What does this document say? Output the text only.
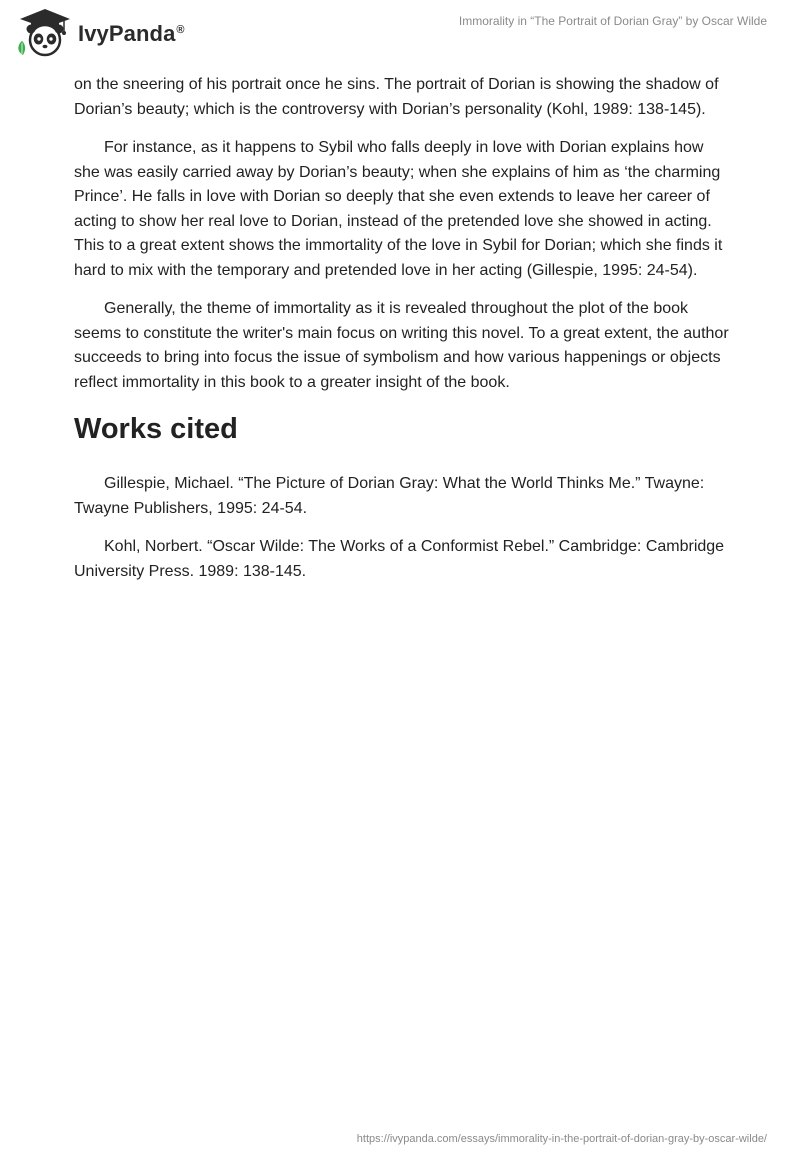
IvyPanda®
Immorality in “The Portrait of Dorian Gray” by Oscar Wilde

on the sneering of his portrait once he sins. The portrait of Dorian is showing the shadow of Dorian’s beauty; which is the controversy with Dorian’s personality (Kohl, 1989: 138-145).

For instance, as it happens to Sybil who falls deeply in love with Dorian explains how she was easily carried away by Dorian’s beauty; when she explains of him as ‘the charming Prince’. He falls in love with Dorian so deeply that she even extends to leave her career of acting to show her real love to Dorian, instead of the pretended love she showed in acting. This to a great extent shows the immortality of the love in Sybil for Dorian; which she finds it hard to mix with the temporary and pretended love in her acting (Gillespie, 1995: 24-54).

Generally, the theme of immortality as it is revealed throughout the plot of the book seems to constitute the writer's main focus on writing this novel. To a great extent, the author succeeds to bring into focus the issue of symbolism and how various happenings or objects reflect immortality in this book to a greater insight of the book.

Works cited

Gillespie, Michael. “The Picture of Dorian Gray: What the World Thinks Me.” Twayne: Twayne Publishers, 1995: 24-54.

Kohl, Norbert. “Oscar Wilde: The Works of a Conformist Rebel.” Cambridge: Cambridge University Press. 1989: 138-145.

https://ivypanda.com/essays/immorality-in-the-portrait-of-dorian-gray-by-oscar-wilde/
